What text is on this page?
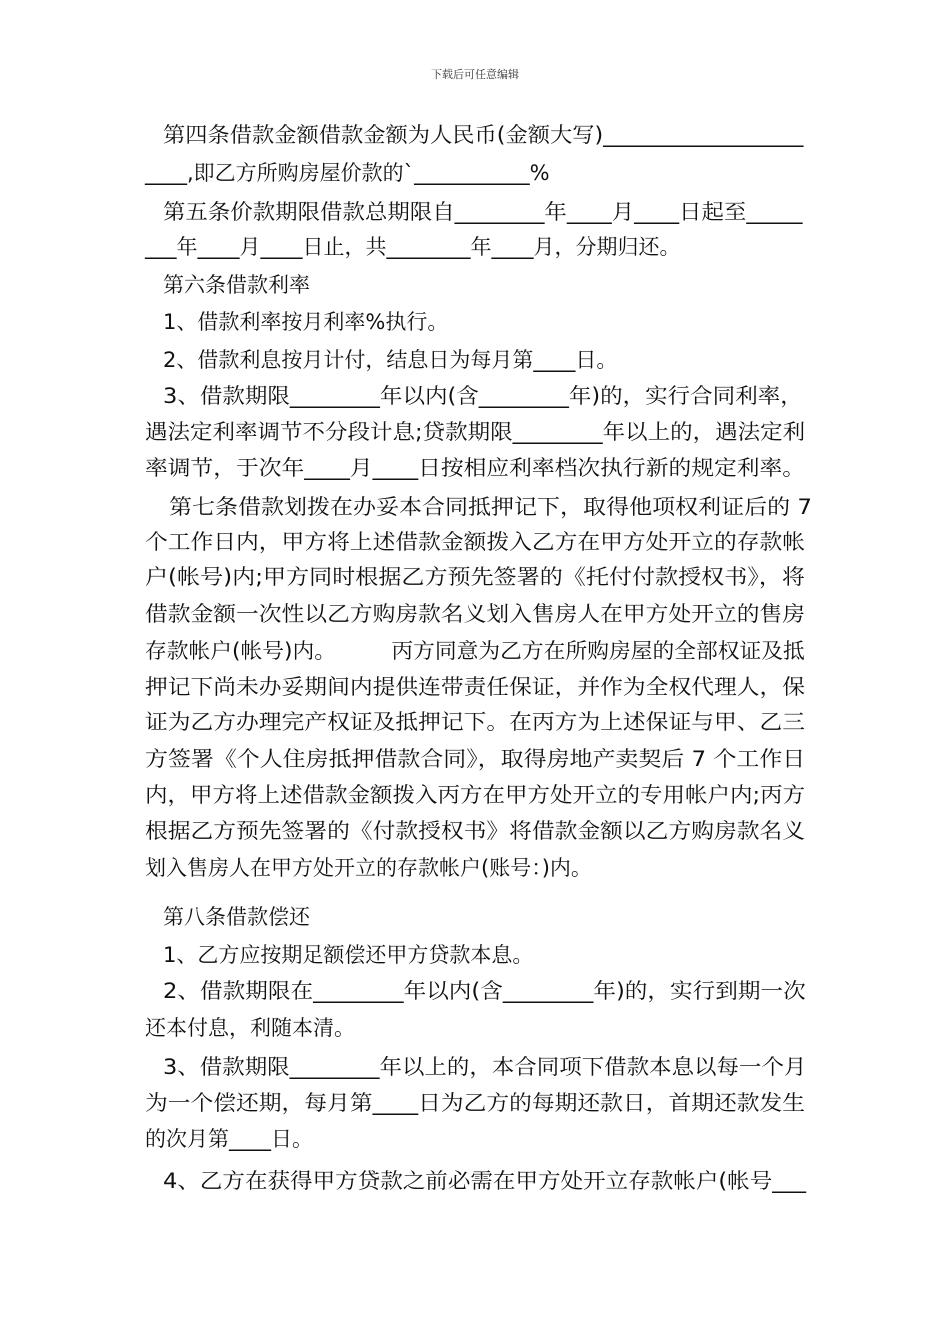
下载后可任意编辑
第四条借款金额借款金额为人民币(金额大写)__________________
____,即乙方所购房屋价款的`___________%
第五条价款期限借款总期限自________年____月____日起至_____
___年____月____日止，共________年____月，分期归还。
第六条借款利率
1、借款利率按月利率%执行。
2、借款利息按月计付，结息日为每月第____日。
3、借款期限________年以内(含________年)的，实行合同利率，
遇法定利率调节不分段计息;贷款期限________年以上的，遇法定利
率调节，于次年____月____日按相应利率档次执行新的规定利率。
第七条借款划拨在办妥本合同抵押记下，取得他项权利证后的 7
个工作日内，甲方将上述借款金额拨入乙方在甲方处开立的存款帐
户(帐号)内;甲方同时根据乙方预先签署的《托付付款授权书》，将
借款金额一次性以乙方购房款名义划入售房人在甲方处开立的售房
存款帐户(帐号)内。        丙方同意为乙方在所购房屋的全部权证及抵
押记下尚未办妥期间内提供连带责任保证，并作为全权代理人，保
证为乙方办理完产权证及抵押记下。在丙方为上述保证与甲、乙三
方签署《个人住房抵押借款合同》，取得房地产卖契后 7 个工作日
内，甲方将上述借款金额拨入丙方在甲方处开立的专用帐户内;丙方
根据乙方预先签署的《付款授权书》将借款金额以乙方购房款名义
划入售房人在甲方处开立的存款帐户(账号：)内。
第八条借款偿还
1、乙方应按期足额偿还甲方贷款本息。
2、借款期限在________年以内(含________年)的，实行到期一次
还本付息，利随本清。
3、借款期限________年以上的，本合同项下借款本息以每一个月
为一个偿还期，每月第____日为乙方的每期还款日，首期还款发生
的次月第____日。
4、乙方在获得甲方贷款之前必需在甲方处开立存款帐户(帐号___
